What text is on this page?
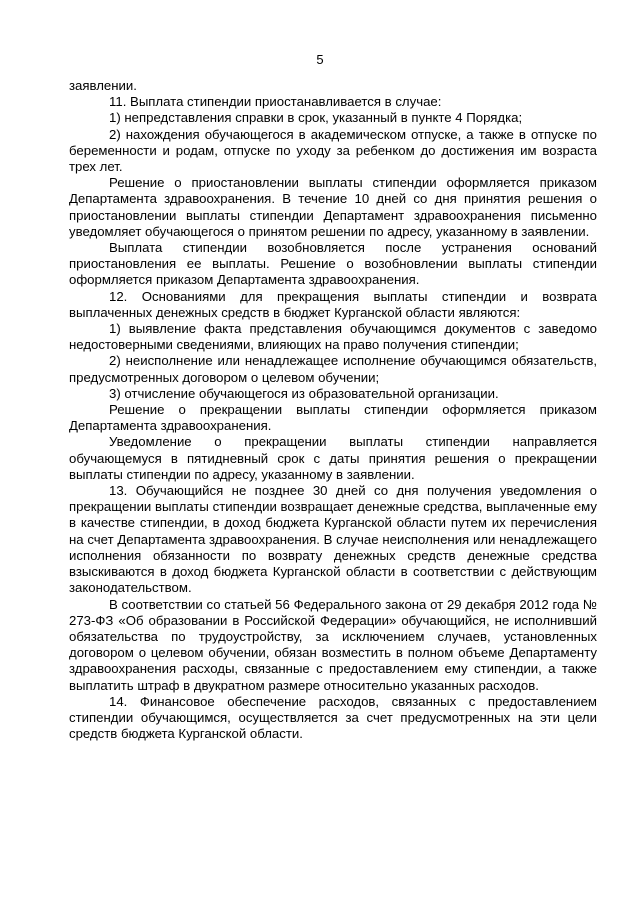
5

заявлении.

11. Выплата стипендии приостанавливается в случае:

1) непредставления справки в срок, указанный в пункте 4 Порядка;

2) нахождения обучающегося в академическом отпуске, а также в отпуске по беременности и родам, отпуске по уходу за ребенком до достижения им возраста трех лет.

Решение о приостановлении выплаты стипендии оформляется приказом Департамента здравоохранения. В течение 10 дней со дня принятия решения о приостановлении выплаты стипендии Департамент здравоохранения письменно уведомляет обучающегося о принятом решении по адресу, указанному в заявлении.

Выплата стипендии возобновляется после устранения оснований приостановления ее выплаты. Решение о возобновлении выплаты стипендии оформляется приказом Департамента здравоохранения.

12. Основаниями для прекращения выплаты стипендии и возврата выплаченных денежных средств в бюджет Курганской области являются:

1) выявление факта представления обучающимся документов с заведомо недостоверными сведениями, влияющих на право получения стипендии;

2) неисполнение или ненадлежащее исполнение обучающимся обязательств, предусмотренных договором о целевом обучении;

3) отчисление обучающегося из образовательной организации.

Решение о прекращении выплаты стипендии оформляется приказом Департамента здравоохранения.

Уведомление о прекращении выплаты стипендии направляется обучающемуся в пятидневный срок с даты принятия решения о прекращении выплаты стипендии по адресу, указанному в заявлении.

13. Обучающийся не позднее 30 дней со дня получения уведомления о прекращении выплаты стипендии возвращает денежные средства, выплаченные ему в качестве стипендии, в доход бюджета Курганской области путем их перечисления на счет Департамента здравоохранения. В случае неисполнения или ненадлежащего исполнения обязанности по возврату денежных средств денежные средства взыскиваются в доход бюджета Курганской области в соответствии с действующим законодательством.

В соответствии со статьей 56 Федерального закона от 29 декабря 2012 года № 273-ФЗ «Об образовании в Российской Федерации» обучающийся, не исполнивший обязательства по трудоустройству, за исключением случаев, установленных договором о целевом обучении, обязан возместить в полном объеме Департаменту здравоохранения расходы, связанные с предоставлением ему стипендии, а также выплатить штраф в двукратном размере относительно указанных расходов.

14. Финансовое обеспечение расходов, связанных с предоставлением стипендии обучающимся, осуществляется за счет предусмотренных на эти цели средств бюджета Курганской области.
